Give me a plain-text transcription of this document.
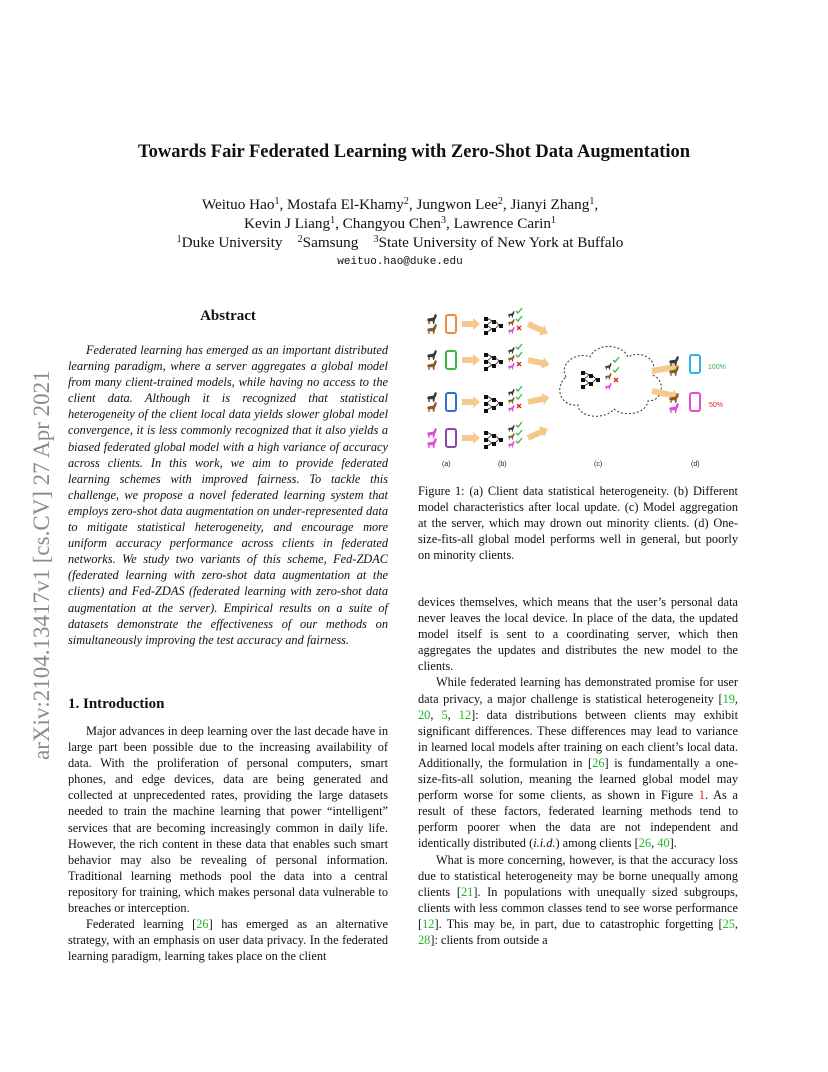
arXiv:2104.13417v1 [cs.CV] 27 Apr 2021
Towards Fair Federated Learning with Zero-Shot Data Augmentation
Weituo Hao$^1$, Mostafa El-Khamy$^2$, Jungwon Lee$^2$, Jianyi Zhang$^1$,
Kevin J Liang$^1$, Changyou Chen$^3$, Lawrence Carin$^1$
$^1$Duke University $^2$Samsung $^3$State University of New York at Buffalo
weituo.hao@duke.edu
Abstract

Federated learning has emerged as an important distributed learning paradigm, where a server aggregates a global model from many client-trained models, while having no access to the client data. Although it is recognized that statistical heterogeneity of the client local data yields slower global model convergence, it is less commonly recognized that it also yields a biased federated global model with a high variance of accuracy across clients. In this work, we aim to provide federated learning schemes with improved fairness. To tackle this challenge, we propose a novel federated learning system that employs zero-shot data augmentation on under-represented data to mitigate statistical heterogeneity, and encourage more uniform accuracy performance across clients in federated networks. We study two variants of this scheme, Fed-ZDAC (federated learning with zero-shot data augmentation at the clients) and Fed-ZDAS (federated learning with zero-shot data augmentation at the server). Empirical results on a suite of datasets demonstrate the effectiveness of our methods on simultaneously improving the test accuracy and fairness.

1. Introduction

Major advances in deep learning over the last decade have in large part been possible due to the increasing availability of data. With the proliferation of personal computers, smart phones, and edge devices, data are being generated and collected at unprecedented rates, providing the large datasets needed to train the machine learning that power “intelligent” services that are becoming increasingly common in daily life. However, the rich content in these data that enables such smart behavior may also be revealing of personal information. Traditional learning methods pool the data into a central repository for training, which makes personal data vulnerable to breaches or interception.

Federated learning [26] has emerged as an alternative strategy, with an emphasis on user data privacy. In the federated learning paradigm, learning takes place on the client

100%
50%
(a)	(b)	(c)	(d)
Figure 1: (a) Client data statistical heterogeneity. (b) Different model characteristics after local update. (c) Model aggregation at the server, which may drown out minority clients. (d) One-size-fits-all global model performs well in general, but poorly on minority clients.

devices themselves, which means that the user’s personal data never leaves the local device. In place of the data, the updated model itself is sent to a coordinating server, which then aggregates the updates and distributes the new model to the clients.

While federated learning has demonstrated promise for user data privacy, a major challenge is statistical heterogeneity [19, 20, 5, 12]: data distributions between clients may exhibit significant differences. These differences may lead to variance in learned local models after training on each client’s local data. Additionally, the formulation in [26] is fundamentally a one-size-fits-all solution, meaning the learned global model may perform worse for some clients, as shown in Figure 1. As a result of these factors, federated learning methods tend to perform poorer when the data are not independent and identically distributed (i.i.d.) among clients [26, 40].

What is more concerning, however, is that the accuracy loss due to statistical heterogeneity may be borne unequally among clients [21]. In populations with unequally sized subgroups, clients with less common classes tend to see worse performance [12]. This may be, in part, due to catastrophic forgetting [25, 28]: clients from outside a
